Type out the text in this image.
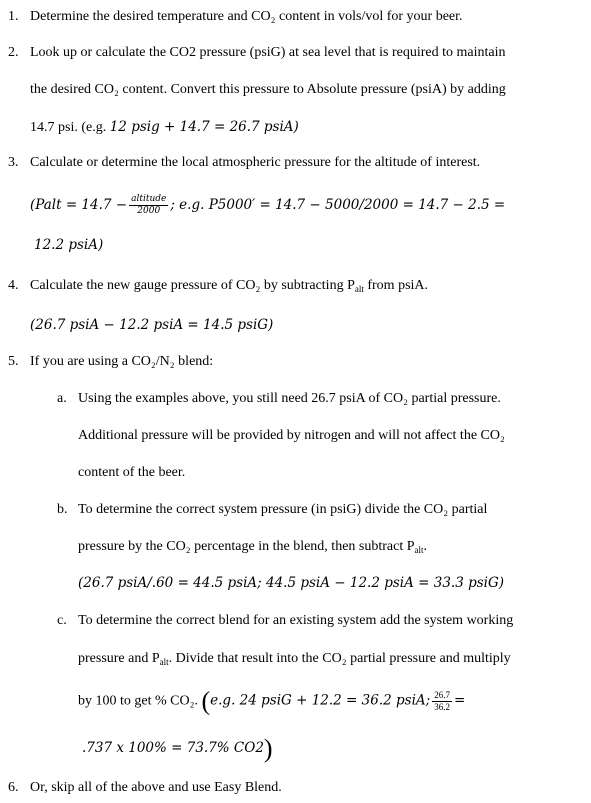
1. Determine the desired temperature and CO₂ content in vols/vol for your beer.
2. Look up or calculate the CO2 pressure (psiG) at sea level that is required to maintain
the desired CO₂ content. Convert this pressure to Absolute pressure (psiA) by adding
14.7 psi. (e.g. 12 psig + 14.7 = 26.7 psiA)
3. Calculate or determine the local atmospheric pressure for the altitude of interest.
(Palt = $14.7 - \frac{\text{altitude}}{2000}$ ; e.g. P5000′ = 14.7 − 5000/2000 = 14.7 − 2.5 =
12.2 psiA)
4. Calculate the new gauge pressure of CO₂ by subtracting $P_{alt}$ from psiA.
(26.7 psiA − 12.2 psiA = 14.5 psiG)
5. If you are using a CO₂/N₂ blend:
a. Using the examples above, you still need 26.7 psiA of CO₂ partial pressure.
Additional pressure will be provided by nitrogen and will not affect the CO₂
content of the beer.
b. To determine the correct system pressure (in psiG) divide the CO₂ partial
pressure by the CO₂ percentage in the blend, then subtract $P_{alt}$.
(26.7 psiA/.60 = 44.5 psiA; 44.5 psiA − 12.2 psiA = 33.3 psiG)
c. To determine the correct blend for an existing system add the system working
pressure and $P_{alt}$. Divide that result into the CO₂ partial pressure and multiply
by 100 to get % CO₂. (e.g. 24 psiG + 12.2 = 36.2 psiA; $\frac{26.7}{36.2}$ =
.737 x 100% = 73.7% CO2)
6. Or, skip all of the above and use Easy Blend.
